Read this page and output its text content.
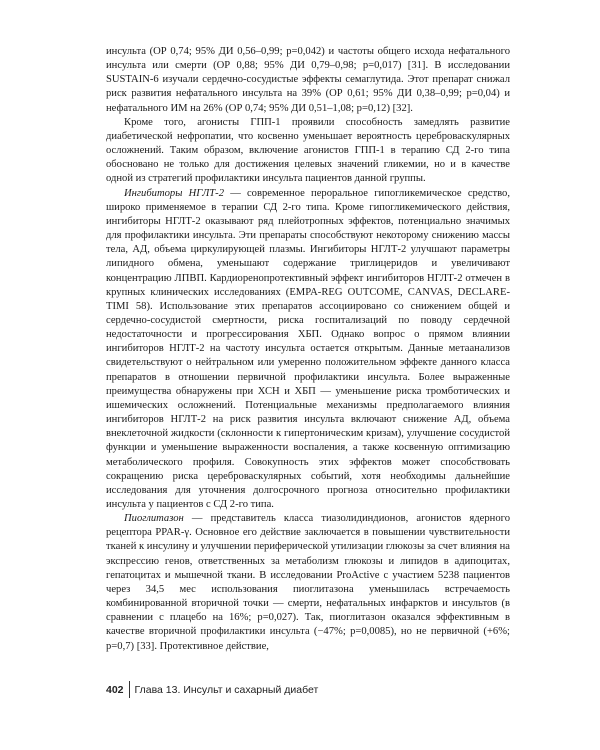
инсульта (ОР 0,74; 95% ДИ 0,56–0,99; p=0,042) и частоты общего исхода нефатального инсульта или смерти (ОР 0,88; 95% ДИ 0,79–0,98; p=0,017) [31]. В исследовании SUSTAIN-6 изучали сердечно-сосудистые эффекты семаглутида. Этот препарат снижал риск развития нефатального инсульта на 39% (ОР 0,61; 95% ДИ 0,38–0,99; p=0,04) и нефатального ИМ на 26% (ОР 0,74; 95% ДИ 0,51–1,08; p=0,12) [32].

Кроме того, агонисты ГПП-1 проявили способность замедлять развитие диабетической нефропатии, что косвенно уменьшает вероятность цереброваскулярных осложнений. Таким образом, включение агонистов ГПП-1 в терапию СД 2-го типа обосновано не только для достижения целевых значений гликемии, но и в качестве одной из стратегий профилактики инсульта пациентов данной группы.

Ингибиторы НГЛТ-2 — современное пероральное гипогликемическое средство, широко применяемое в терапии СД 2-го типа. Кроме гипогликемического действия, ингибиторы НГЛТ-2 оказывают ряд плейотропных эффектов, потенциально значимых для профилактики инсульта. Эти препараты способствуют некоторому снижению массы тела, АД, объема циркулирующей плазмы. Ингибиторы НГЛТ-2 улучшают параметры липидного обмена, уменьшают содержание триглицеридов и увеличивают концентрацию ЛПВП. Кардиоренопротективный эффект ингибиторов НГЛТ-2 отмечен в крупных клинических исследованиях (EMPA-REG OUTCOME, CANVAS, DECLARE-TIMI 58). Использование этих препаратов ассоциировано со снижением общей и сердечно-сосудистой смертности, риска госпитализаций по поводу сердечной недостаточности и прогрессирования ХБП. Однако вопрос о прямом влиянии ингибиторов НГЛТ-2 на частоту инсульта остается открытым. Данные метаанализов свидетельствуют о нейтральном или умеренно положительном эффекте данного класса препаратов в отношении первичной профилактики инсульта. Более выраженные преимущества обнаружены при ХСН и ХБП — уменьшение риска тромботических и ишемических осложнений. Потенциальные механизмы предполагаемого влияния ингибиторов НГЛТ-2 на риск развития инсульта включают снижение АД, объема внеклеточной жидкости (склонности к гипертоническим кризам), улучшение сосудистой функции и уменьшение выраженности воспаления, а также косвенную оптимизацию метаболического профиля. Совокупность этих эффектов может способствовать сокращению риска цереброваскулярных событий, хотя необходимы дальнейшие исследования для уточнения долгосрочного прогноза относительно профилактики инсульта у пациентов с СД 2-го типа.

Пиоглитазон — представитель класса тиазолидиндионов, агонистов ядерного рецептора PPAR-γ. Основное его действие заключается в повышении чувствительности тканей к инсулину и улучшении периферической утилизации глюкозы за счет влияния на экспрессию генов, ответственных за метаболизм глюкозы и липидов в адипоцитах, гепатоцитах и мышечной ткани. В исследовании ProActive с участием 5238 пациентов через 34,5 мес использования пиоглитазона уменьшилась встречаемость комбинированной вторичной точки — смерти, нефатальных инфарктов и инсультов (в сравнении с плацебо на 16%; p=0,027). Так, пиоглитазон оказался эффективным в качестве вторичной профилактики инсульта (−47%; p=0,0085), но не первичной (+6%; p=0,7) [33]. Протективное действие,

402 Глава 13. Инсульт и сахарный диабет
